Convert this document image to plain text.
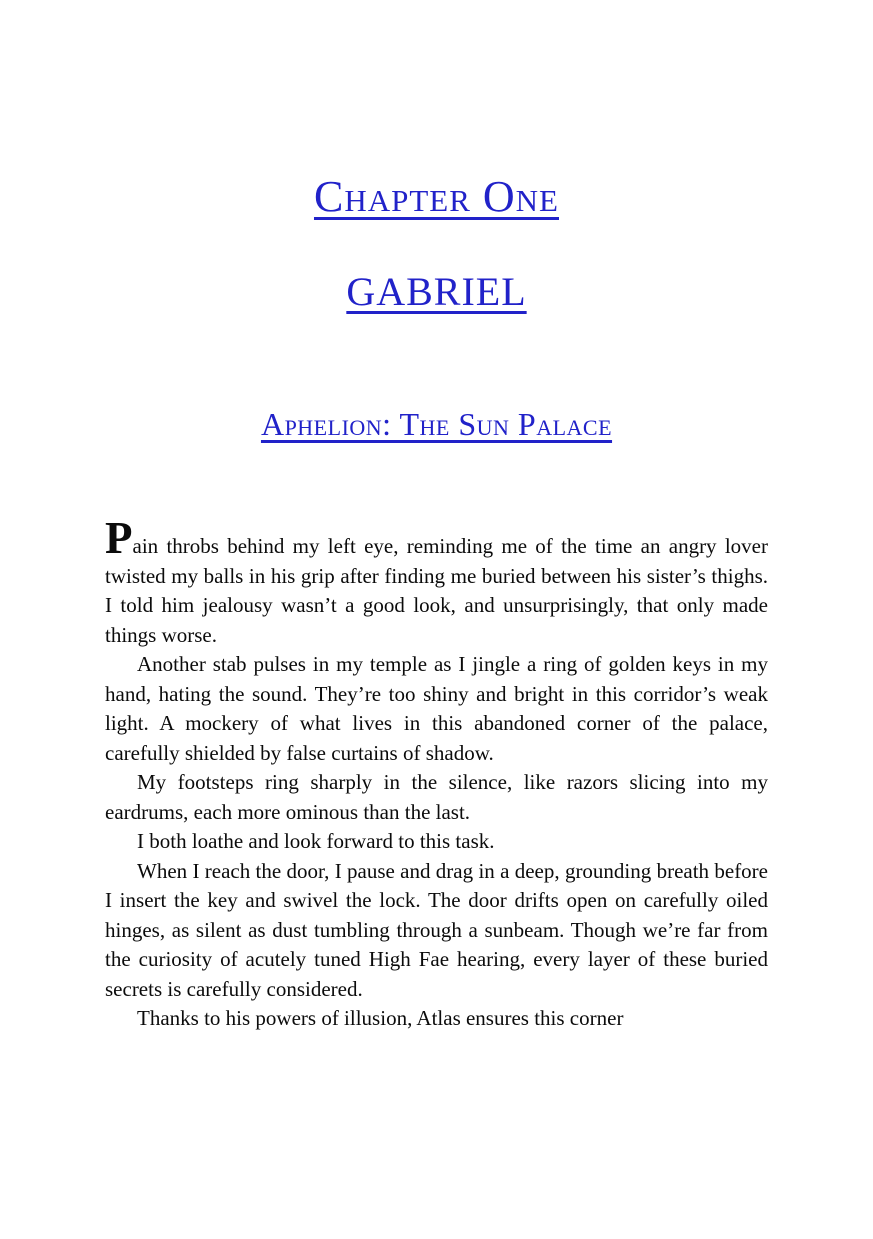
Chapter One
GABRIEL
Aphelion: The Sun Palace

Pain throbs behind my left eye, reminding me of the time an angry lover twisted my balls in his grip after finding me buried between his sister’s thighs. I told him jealousy wasn’t a good look, and unsurprisingly, that only made things worse.

Another stab pulses in my temple as I jingle a ring of golden keys in my hand, hating the sound. They’re too shiny and bright in this corridor’s weak light. A mockery of what lives in this abandoned corner of the palace, carefully shielded by false curtains of shadow.

My footsteps ring sharply in the silence, like razors slicing into my eardrums, each more ominous than the last.

I both loathe and look forward to this task.

When I reach the door, I pause and drag in a deep, grounding breath before I insert the key and swivel the lock. The door drifts open on carefully oiled hinges, as silent as dust tumbling through a sunbeam. Though we’re far from the curiosity of acutely tuned High Fae hearing, every layer of these buried secrets is carefully considered.

Thanks to his powers of illusion, Atlas ensures this corner
